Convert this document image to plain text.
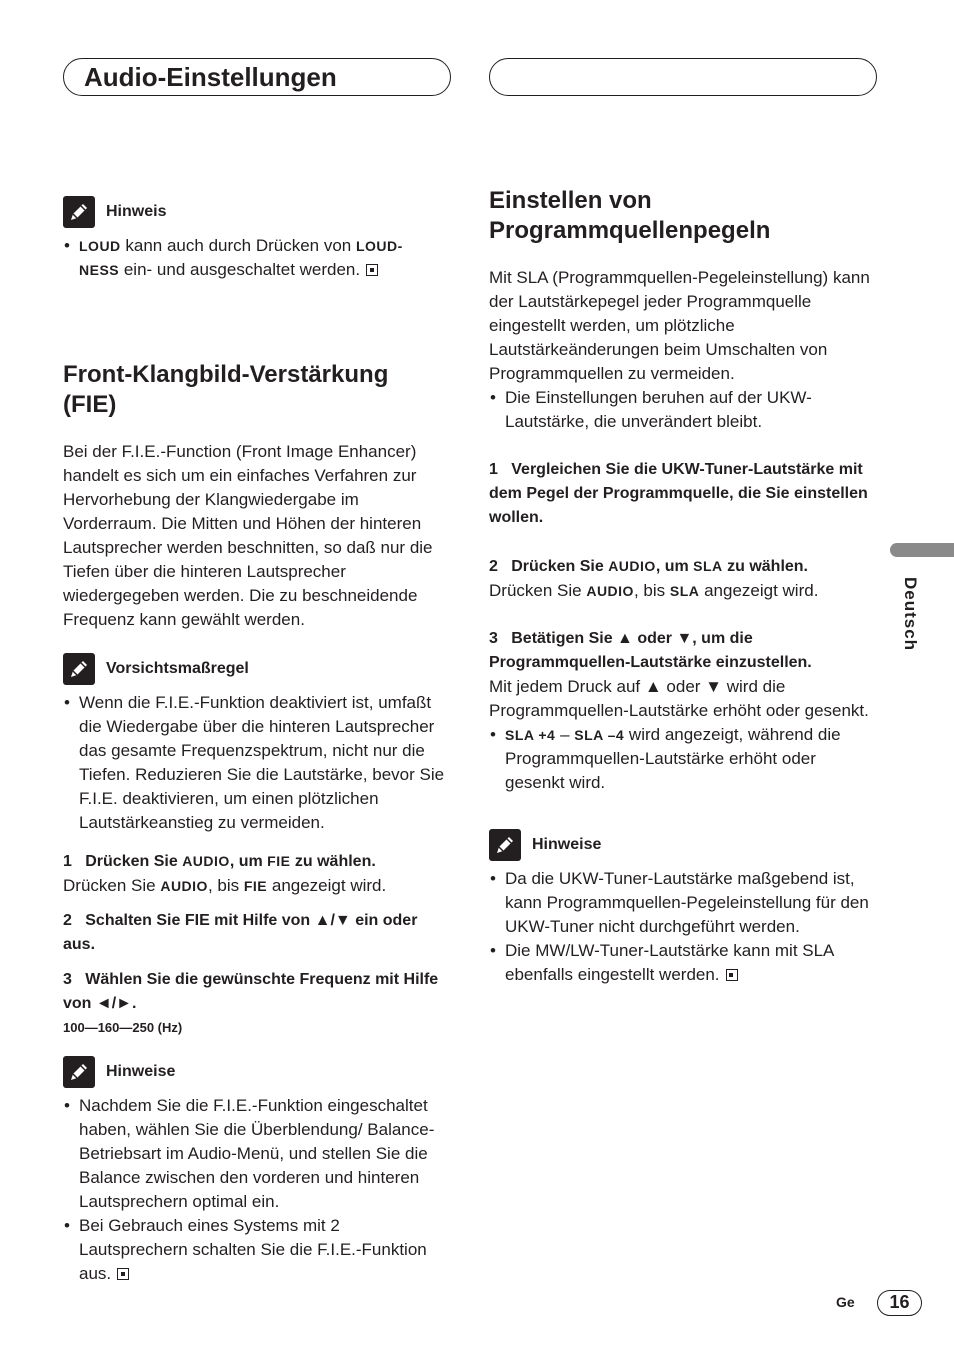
Audio-Einstellungen
Hinweis
• LOUD kann auch durch Drücken von LOUD-
NESS ein- und ausgeschaltet werden.
Front-Klangbild-Verstärkung
(FIE)

Bei der F.I.E.-Function (Front Image Enhancer) handelt es sich um ein einfaches Verfahren zur Hervorhebung der Klangwiedergabe im Vorderraum. Die Mitten und Höhen der hinteren Lautsprecher werden beschnitten, so daß nur die Tiefen über die hinteren Lautsprecher wiedergegeben werden. Die zu beschneidende Frequenz kann gewählt werden.

Vorsichtsmaßregel
• Wenn die F.I.E.-Funktion deaktiviert ist, umfaßt die Wiedergabe über die hinteren Lautsprecher das gesamte Frequenzspektrum, nicht nur die Tiefen. Reduzieren Sie die Lautstärke, bevor Sie F.I.E. deaktivieren, um einen plötzlichen Lautstärkeanstieg zu vermeiden.

1 Drücken Sie AUDIO, um FIE zu wählen.

Drücken Sie AUDIO, bis FIE angezeigt wird.

2 Schalten Sie FIE mit Hilfe von ▲/▼ ein oder aus.

3 Wählen Sie die gewünschte Frequenz mit Hilfe von ◄/►.

100—160—250 (Hz)

Hinweise
• Nachdem Sie die F.I.E.-Funktion eingeschaltet haben, wählen Sie die Überblendung/ Balance- Betriebsart im Audio-Menü, und stellen Sie die Balance zwischen den vorderen und hinteren Lautsprechern optimal ein.
• Bei Gebrauch eines Systems mit 2 Lautsprechern schalten Sie die F.I.E.-Funktion aus.
Einstellen von
Programmquellenpegeln

Mit SLA (Programmquellen-Pegeleinstellung) kann der Lautstärkepegel jeder Programmquelle eingestellt werden, um plötzliche Lautstärkeänderungen beim Umschalten von Programmquellen zu vermeiden.

• Die Einstellungen beruhen auf der UKW-Lautstärke, die unverändert bleibt.

1 Vergleichen Sie die UKW-Tuner-Lautstärke mit dem Pegel der Programmquelle, die Sie einstellen wollen.

2 Drücken Sie AUDIO, um SLA zu wählen.

Drücken Sie AUDIO, bis SLA angezeigt wird.

3 Betätigen Sie ▲ oder ▼, um die Programmquellen-Lautstärke einzustellen.

Mit jedem Druck auf ▲ oder ▼ wird die Programmquellen-Lautstärke erhöht oder gesenkt.

• SLA +4 – SLA –4 wird angezeigt, während die Programmquellen-Lautstärke erhöht oder gesenkt wird.
Hinweise
• Da die UKW-Tuner-Lautstärke maßgebend ist, kann Programmquellen-Pegeleinstellung für den UKW-Tuner nicht durchgeführt werden.
• Die MW/LW-Tuner-Lautstärke kann mit SLA ebenfalls eingestellt werden.
Deutsch
Ge	16
